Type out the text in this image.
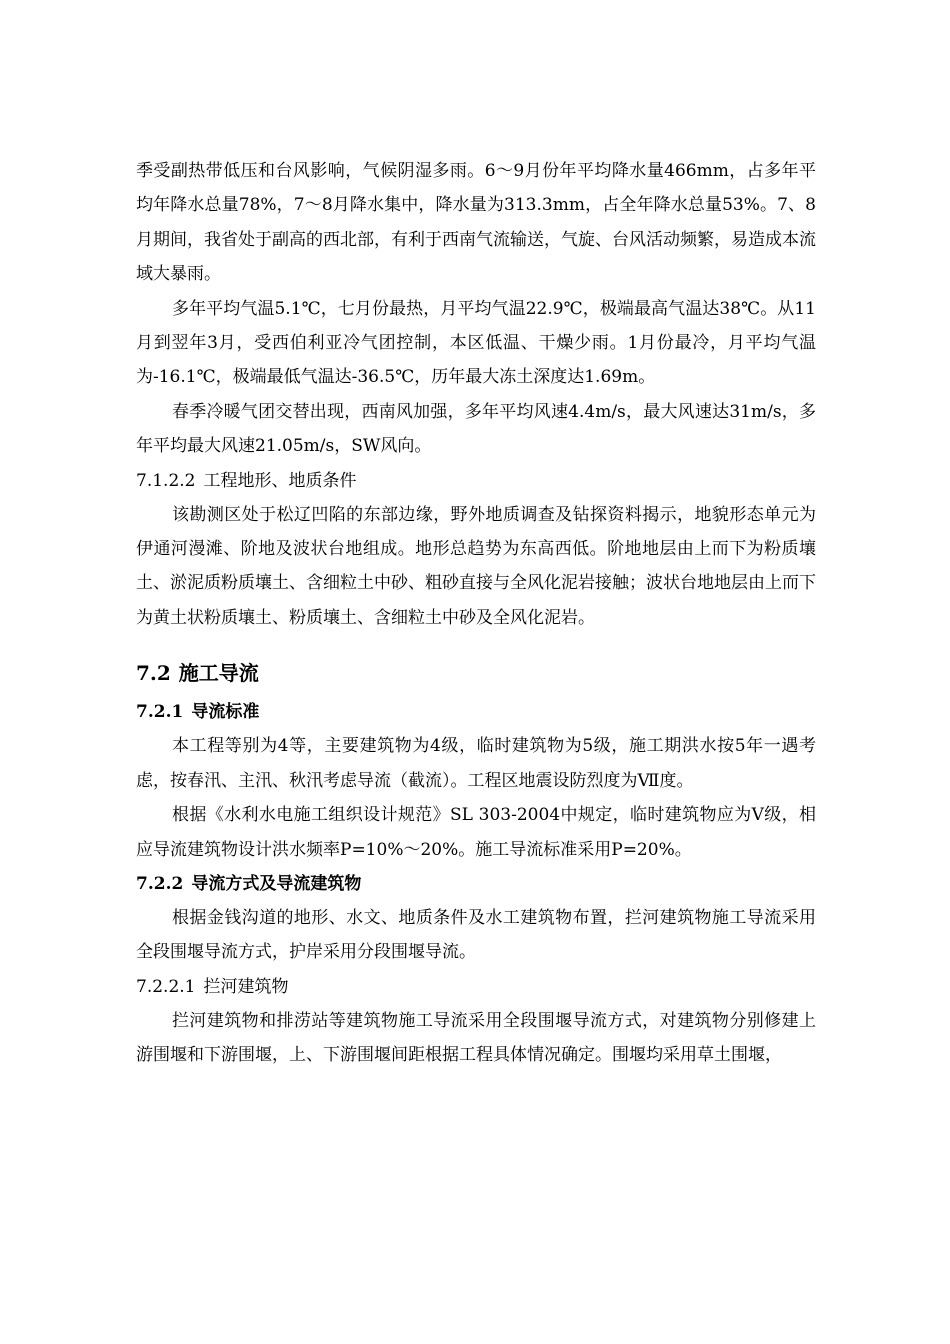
季受副热带低压和台风影响，气候阴湿多雨。6～9月份年平均降水量466mm，占多年平均年降水总量78%，7～8月降水集中，降水量为313.3mm，占全年降水总量53%。7、8月期间，我省处于副高的西北部，有利于西南气流输送，气旋、台风活动频繁，易造成本流域大暴雨。

多年平均气温5.1℃，七月份最热，月平均气温22.9℃，极端最高气温达38℃。从11月到翌年3月，受西伯利亚冷气团控制，本区低温、干燥少雨。1月份最冷，月平均气温为-16.1℃，极端最低气温达-36.5℃，历年最大冻土深度达1.69m。

春季冷暖气团交替出现，西南风加强，多年平均风速4.4m/s，最大风速达31m/s，多年平均最大风速21.05m/s，SW风向。

7.1.2.2 工程地形、地质条件

该勘测区处于松辽凹陷的东部边缘，野外地质调查及钻探资料揭示，地貌形态单元为伊通河漫滩、阶地及波状台地组成。地形总趋势为东高西低。阶地地层由上而下为粉质壤土、淤泥质粉质壤土、含细粒土中砂、粗砂直接与全风化泥岩接触；波状台地地层由上而下为黄土状粉质壤土、粉质壤土、含细粒土中砂及全风化泥岩。

7.2 施工导流
7.2.1 导流标准

本工程等别为4等，主要建筑物为4级，临时建筑物为5级，施工期洪水按5年一遇考虑，按春汛、主汛、秋汛考虑导流（截流）。工程区地震设防烈度为Ⅶ度。

根据《水利水电施工组织设计规范》SL 303-2004中规定，临时建筑物应为Ⅴ级，相应导流建筑物设计洪水频率P=10%～20%。施工导流标准采用P=20%。

7.2.2 导流方式及导流建筑物

根据金钱沟道的地形、水文、地质条件及水工建筑物布置，拦河建筑物施工导流采用全段围堰导流方式，护岸采用分段围堰导流。

7.2.2.1 拦河建筑物

拦河建筑物和排涝站等建筑物施工导流采用全段围堰导流方式，对建筑物分别修建上游围堰和下游围堰，上、下游围堰间距根据工程具体情况确定。围堰均采用草土围堰，
